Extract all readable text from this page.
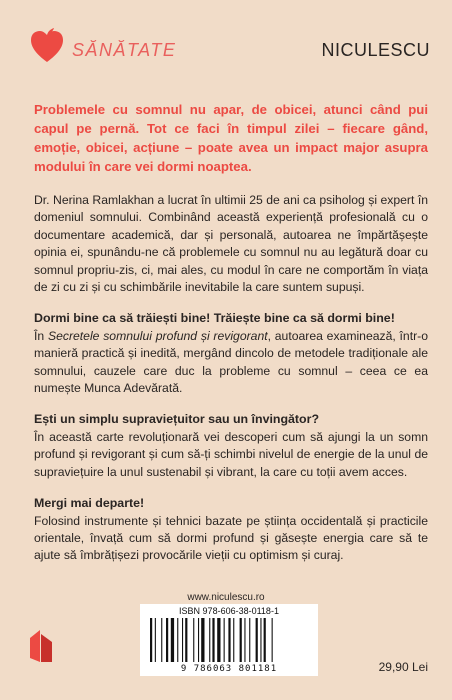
SĂNĂTATE	NICULESCU

Problemele cu somnul nu apar, de obicei, atunci când pui capul pe pernă. Tot ce faci în timpul zilei – fiecare gând, emoție, obicei, acțiune – poate avea un impact major asupra modului în care vei dormi noaptea.

Dr. Nerina Ramlakhan a lucrat în ultimii 25 de ani ca psiholog și expert în domeniul somnului. Combinând această experiență profesională cu o documentare academică, dar și personală, autoarea ne împărtășește opinia ei, spunându-ne că problemele cu somnul nu au legătură doar cu somnul propriu-zis, ci, mai ales, cu modul în care ne comportăm în viața de zi cu zi și cu schimbările inevitabile la care suntem supuși.

Dormi bine ca să trăiești bine! Trăiește bine ca să dormi bine!

În Secretele somnului profund și revigorant, autoarea examinează, într-o manieră practică și inedită, mergând dincolo de metodele tradiționale ale somnului, cauzele care duc la probleme cu somnul – ceea ce ea numește Munca Adevărată.

Ești un simplu supraviețuitor sau un învingător?

În această carte revoluționară vei descoperi cum să ajungi la un somn profund și revigorant și cum să-ți schimbi nivelul de energie de la unul de supraviețuire la unul sustenabil și vibrant, la care cu toții avem acces.

Mergi mai departe!

Folosind instrumente și tehnici bazate pe știința occidentală și practicile orientale, învață cum să dormi profund și găsește energia care să te ajute să îmbrățișezi provocările vieții cu optimism și curaj.

www.niculescu.ro
ISBN 978-606-38-0118-1
9 786063 801181	29,90 Lei
